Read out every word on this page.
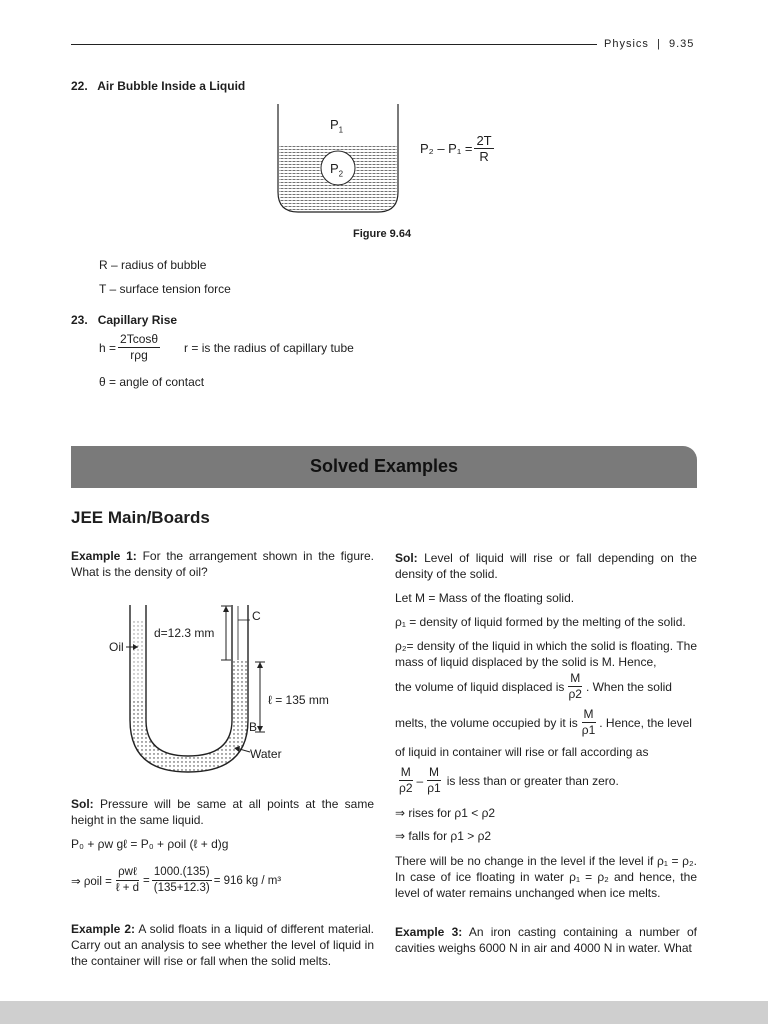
Physics  |  9.35
22. Air Bubble Inside a Liquid
$P_1$
$P_2$
$P_2 - P_1 = \frac{2T}{R}$
Figure 9.64
R – radius of bubble
T – surface tension force
23. Capillary Rise
$h = \frac{2Tcos\theta}{\text{rρg}}$ r = is the radius of capillary tube
θ = angle of contact
Solved Examples
JEE Main/Boards
Example 1: For the arrangement shown in the figure. What is the density of oil?
Oil
d=12.3 mm
C
ℓ = 135 mm
B
Water
Sol: Pressure will be same at all points at the same height in the same liquid.
P₀ + ρw gℓ = P₀ + ρoil (ℓ + d)g
⇒ $\rho oil = \frac{\text{ρwℓ}}{\text{ℓ + d}} = \frac{1000.(135)}{(135+12.3)} = 916$ kg / m³
Example 2: A solid floats in a liquid of different material. Carry out an analysis to see whether the level of liquid in the container will rise or fall when the solid melts.
Sol: Level of liquid will rise or fall depending on the density of the solid.
Let M = Mass of the floating solid.
ρ₁ = density of liquid formed by the melting of the solid.
ρ₂= density of the liquid in which the solid is floating. The mass of liquid displaced by the solid is M. Hence,
the volume of liquid displaced is $\frac{M}{\rho 2}$ . When the solid
melts, the volume occupied by it is $\frac{M}{\rho 1}$ . Hence, the level
of liquid in container will rise or fall according as
$\frac{M}{\rho 2} - \frac{M}{\rho 1}$ is less than or greater than zero.
⇒ rises for ρ1 < ρ2
⇒ falls for ρ1 > ρ2
There will be no change in the level if the level if ρ₁ = ρ₂. In case of ice floating in water ρ₁ = ρ₂ and hence, the level of water remains unchanged when ice melts.
Example 3: An iron casting containing a number of cavities weighs 6000 N in air and 4000 N in water. What
